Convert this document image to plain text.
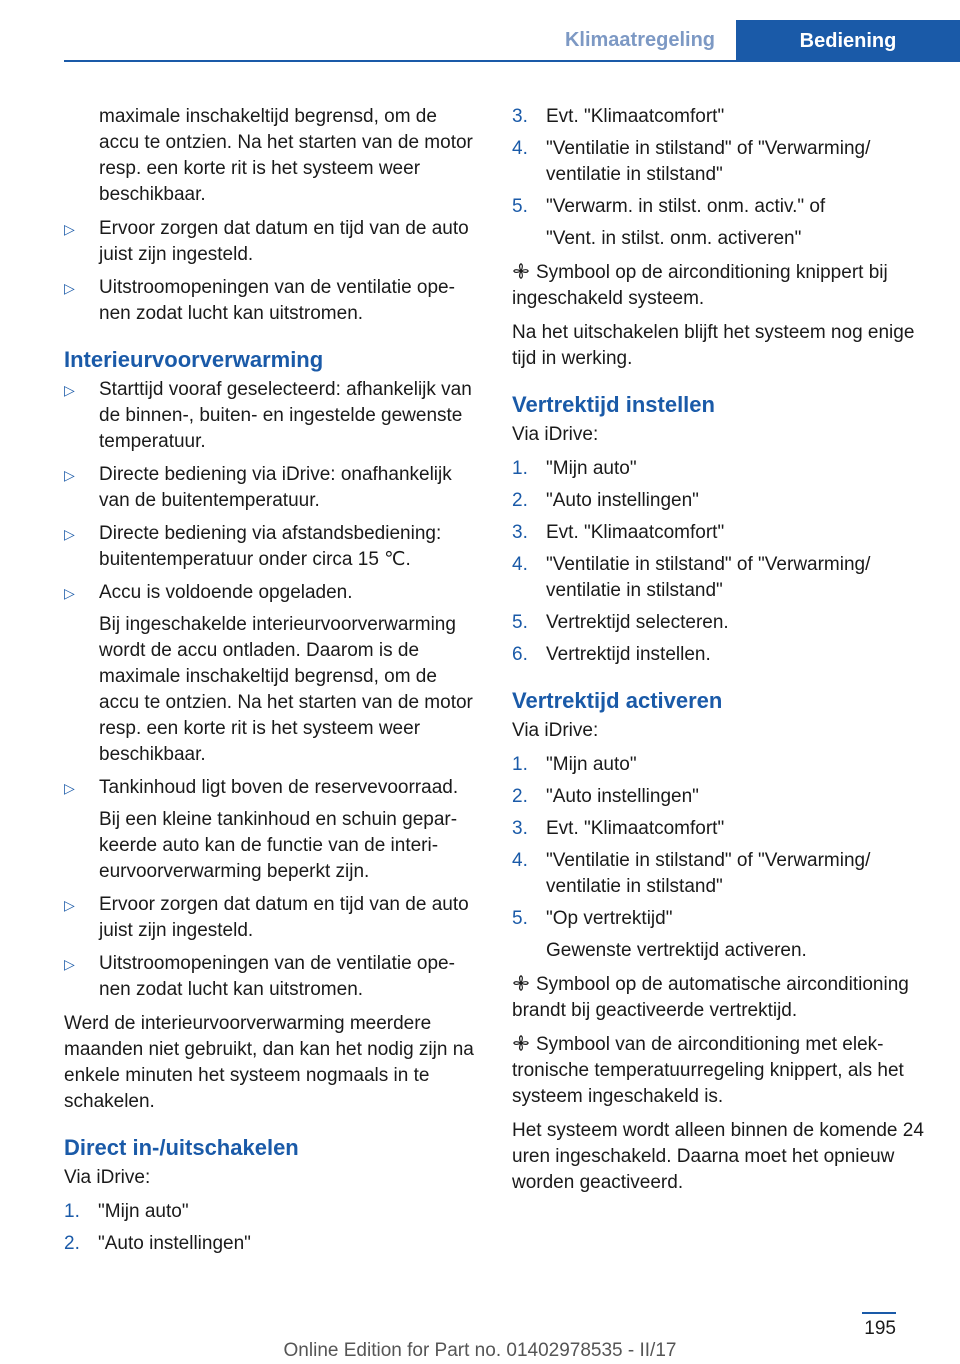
Klimaatregeling	Bediening

maximale inschakeltijd begrensd, om de accu te ontzien. Na het starten van de motor resp. een korte rit is het systeem weer beschikbaar.

▷ Ervoor zorgen dat datum en tijd van de auto juist zijn ingesteld.
▷ Uitstroomopeningen van de ventilatie openen zodat lucht kan uitstromen.
Interieurvoorverwarming
▷ Starttijd vooraf geselecteerd: afhankelijk van de binnen-, buiten- en ingestelde gewenste temperatuur.
▷ Directe bediening via iDrive: onafhankelijk van de buitentemperatuur.
▷ Directe bediening via afstandsbediening: buitentemperatuur onder circa 15 ℃.
▷ Accu is voldoende opgeladen.
Bij ingeschakelde interieurvoorverwarming wordt de accu ontladen. Daarom is de maximale inschakeltijd begrensd, om de accu te ontzien. Na het starten van de motor resp. een korte rit is het systeem weer beschikbaar.
▷ Tankinhoud ligt boven de reservevoorraad.
Bij een kleine tankinhoud en schuin geparkeerde auto kan de functie van de interieurvoorverwarming beperkt zijn.
▷ Ervoor zorgen dat datum en tijd van de auto juist zijn ingesteld.
▷ Uitstroomopeningen van de ventilatie openen zodat lucht kan uitstromen.

Werd de interieurvoorverwarming meerdere maanden niet gebruikt, dan kan het nodig zijn na enkele minuten het systeem nogmaals in te schakelen.

Direct in-/uitschakelen

Via iDrive:

1. "Mijn auto"
2. "Auto instellingen"
3. Evt. "Klimaatcomfort"
4. "Ventilatie in stilstand" of "Verwarming/ ventilatie in stilstand"
5. "Verwarm. in stilst. onm. activ." of
"Vent. in stilst. onm. activeren"

Symbool op de airconditioning knippert bij ingeschakeld systeem.

Na het uitschakelen blijft het systeem nog enige tijd in werking.

Vertrektijd instellen

Via iDrive:

1. "Mijn auto"
2. "Auto instellingen"
3. Evt. "Klimaatcomfort"
4. "Ventilatie in stilstand" of "Verwarming/ ventilatie in stilstand"
5. Vertrektijd selecteren.
6. Vertrektijd instellen.
Vertrektijd activeren

Via iDrive:

1. "Mijn auto"
2. "Auto instellingen"
3. Evt. "Klimaatcomfort"
4. "Ventilatie in stilstand" of "Verwarming/ ventilatie in stilstand"
5. "Op vertrektijd"
Gewenste vertrektijd activeren.

Symbool op de automatische airconditioning brandt bij geactiveerde vertrektijd.

Symbool van de airconditioning met elektronische temperatuurregeling knippert, als het systeem ingeschakeld is.

Het systeem wordt alleen binnen de komende 24 uren ingeschakeld. Daarna moet het opnieuw worden geactiveerd.

195
Online Edition for Part no. 01402978535 - II/17
